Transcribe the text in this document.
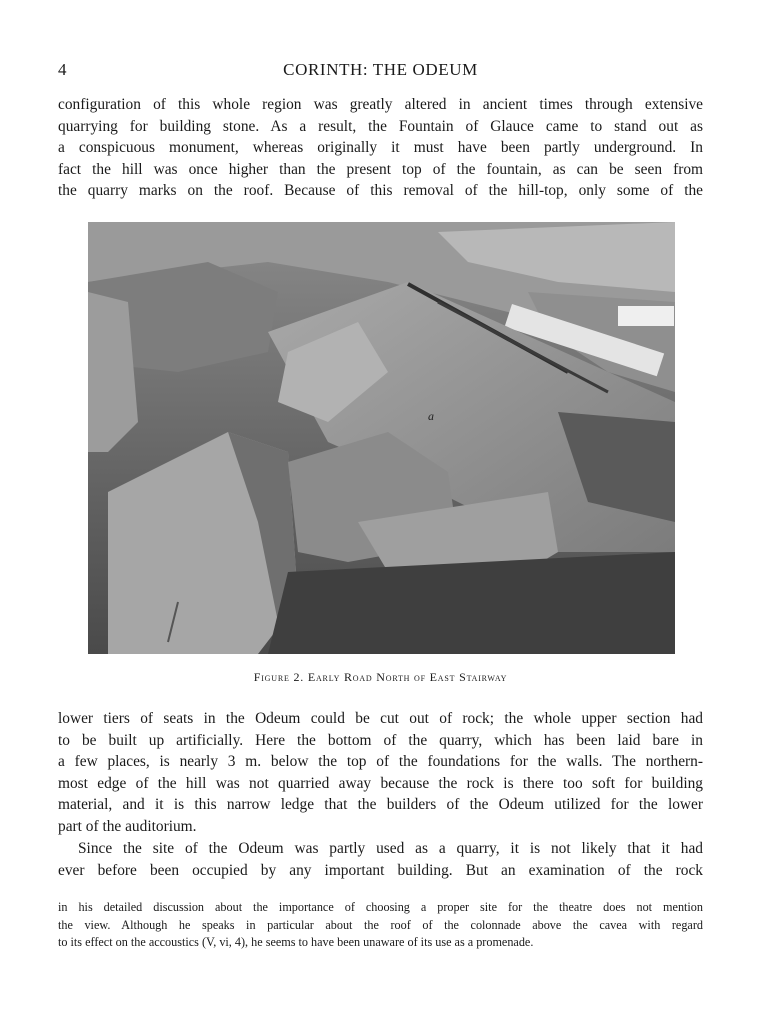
4	CORINTH: THE ODEUM
configuration of this whole region was greatly altered in ancient times through extensive
quarrying for building stone. As a result, the Fountain of Glauce came to stand out as
a conspicuous monument, whereas originally it must have been partly underground. In
fact the hill was once higher than the present top of the fountain, as can be seen from
the quarry marks on the roof. Because of this removal of the hill-top, only some of the
a
Figure 2. Early Road North of East Stairway
lower tiers of seats in the Odeum could be cut out of rock; the whole upper section had
to be built up artificially. Here the bottom of the quarry, which has been laid bare in
a few places, is nearly 3 m. below the top of the foundations for the walls. The northern-
most edge of the hill was not quarried away because the rock is there too soft for building
material, and it is this narrow ledge that the builders of the Odeum utilized for the lower
part of the auditorium.
Since the site of the Odeum was partly used as a quarry, it is not likely that it had
ever before been occupied by any important building. But an examination of the rock
in his detailed discussion about the importance of choosing a proper site for the theatre does not mention
the view. Although he speaks in particular about the roof of the colonnade above the cavea with regard
to its effect on the accoustics (V, vi, 4), he seems to have been unaware of its use as a promenade.
